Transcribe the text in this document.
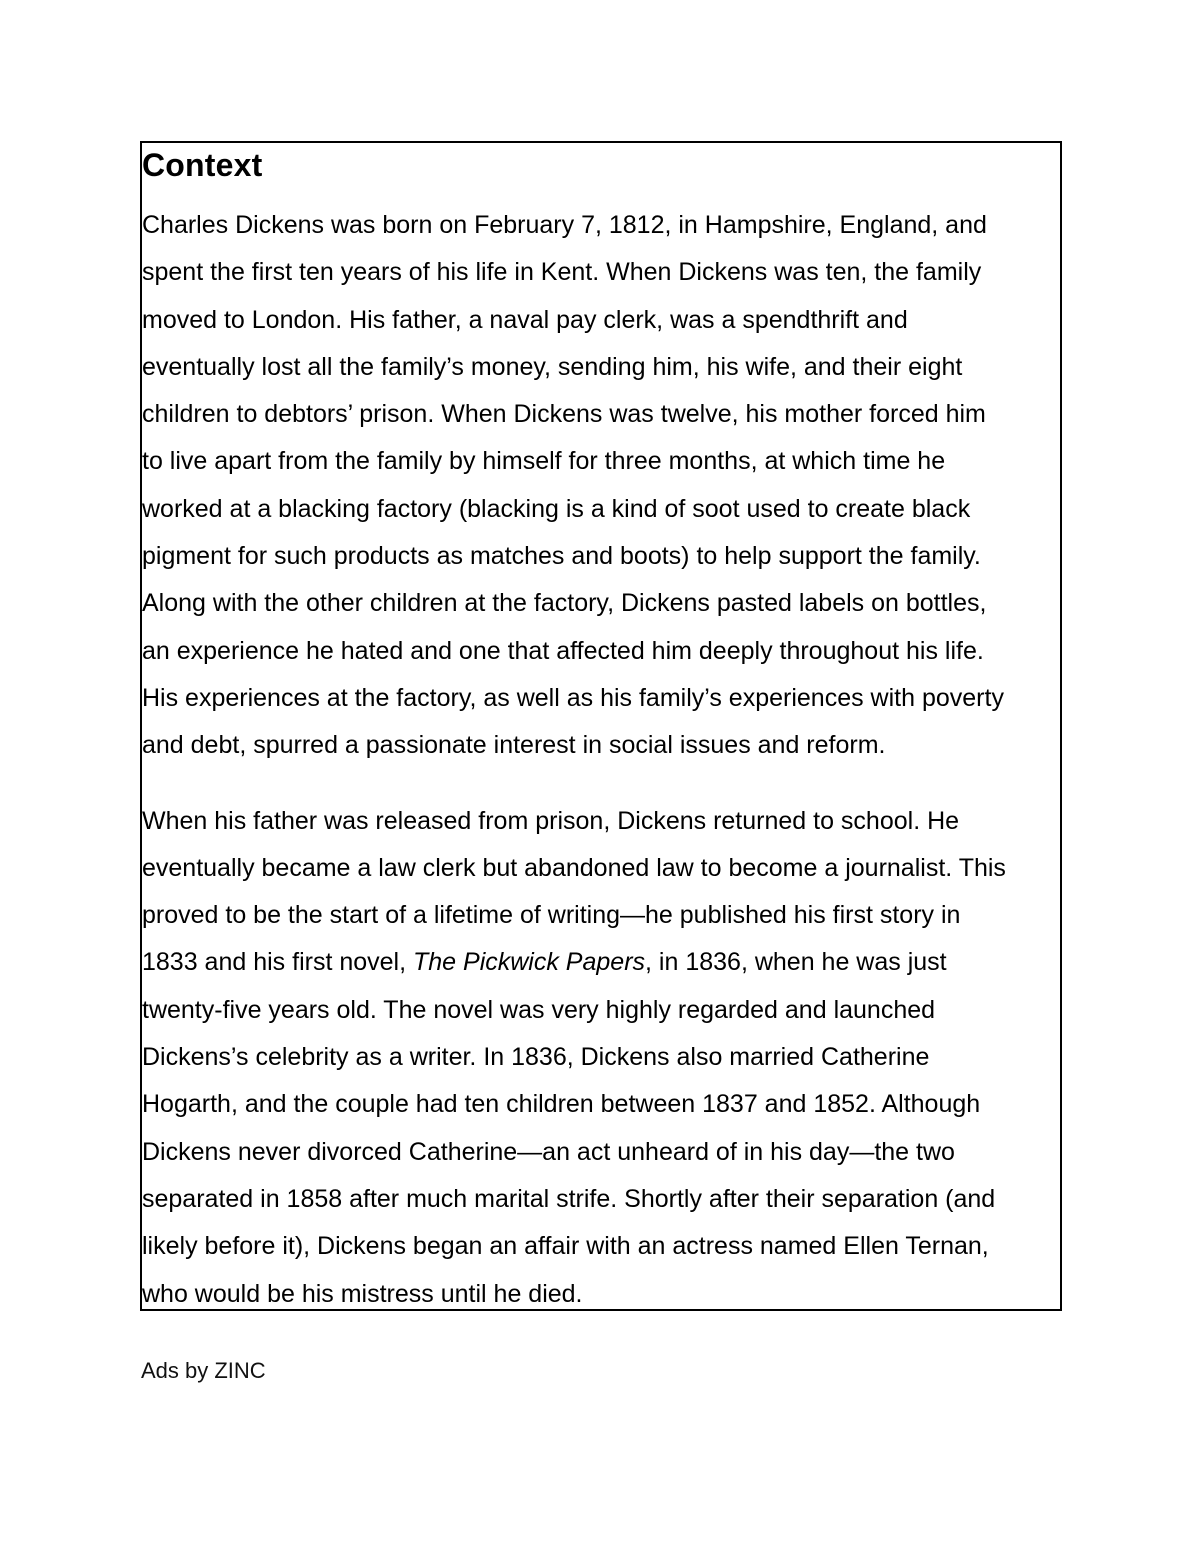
Context

Charles Dickens was born on February 7, 1812, in Hampshire, England, and
spent the first ten years of his life in Kent. When Dickens was ten, the family
moved to London. His father, a naval pay clerk, was a spendthrift and
eventually lost all the family’s money, sending him, his wife, and their eight
children to debtors’ prison. When Dickens was twelve, his mother forced him
to live apart from the family by himself for three months, at which time he
worked at a blacking factory (blacking is a kind of soot used to create black
pigment for such products as matches and boots) to help support the family.
Along with the other children at the factory, Dickens pasted labels on bottles,
an experience he hated and one that affected him deeply throughout his life.
His experiences at the factory, as well as his family’s experiences with poverty
and debt, spurred a passionate interest in social issues and reform.

When his father was released from prison, Dickens returned to school. He
eventually became a law clerk but abandoned law to become a journalist. This
proved to be the start of a lifetime of writing—he published his first story in
1833 and his first novel, The Pickwick Papers, in 1836, when he was just
twenty-five years old. The novel was very highly regarded and launched
Dickens’s celebrity as a writer. In 1836, Dickens also married Catherine
Hogarth, and the couple had ten children between 1837 and 1852. Although
Dickens never divorced Catherine—an act unheard of in his day—the two
separated in 1858 after much marital strife. Shortly after their separation (and
likely before it), Dickens began an affair with an actress named Ellen Ternan,
who would be his mistress until he died.

Ads by ZINC
